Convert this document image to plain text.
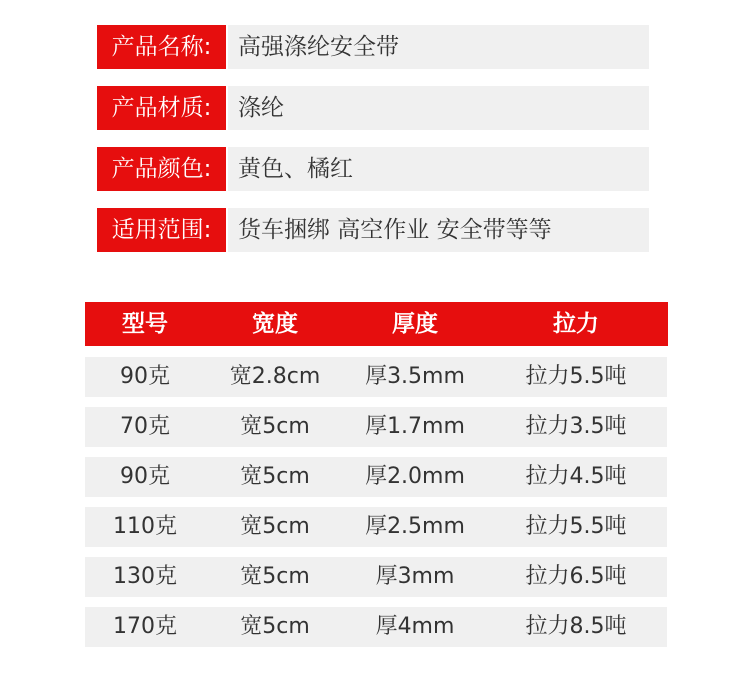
产品名称:	高强涤纶安全带
产品材质:	涤纶
产品颜色:	黄色、橘红
适用范围:	货车捆绑 高空作业 安全带等等
型号	宽度	厚度	拉力
90克	宽2.8cm	厚3.5mm	拉力5.5吨
70克	宽5cm	厚1.7mm	拉力3.5吨
90克	宽5cm	厚2.0mm	拉力4.5吨
110克	宽5cm	厚2.5mm	拉力5.5吨
130克	宽5cm	厚3mm	拉力6.5吨
170克	宽5cm	厚4mm	拉力8.5吨
